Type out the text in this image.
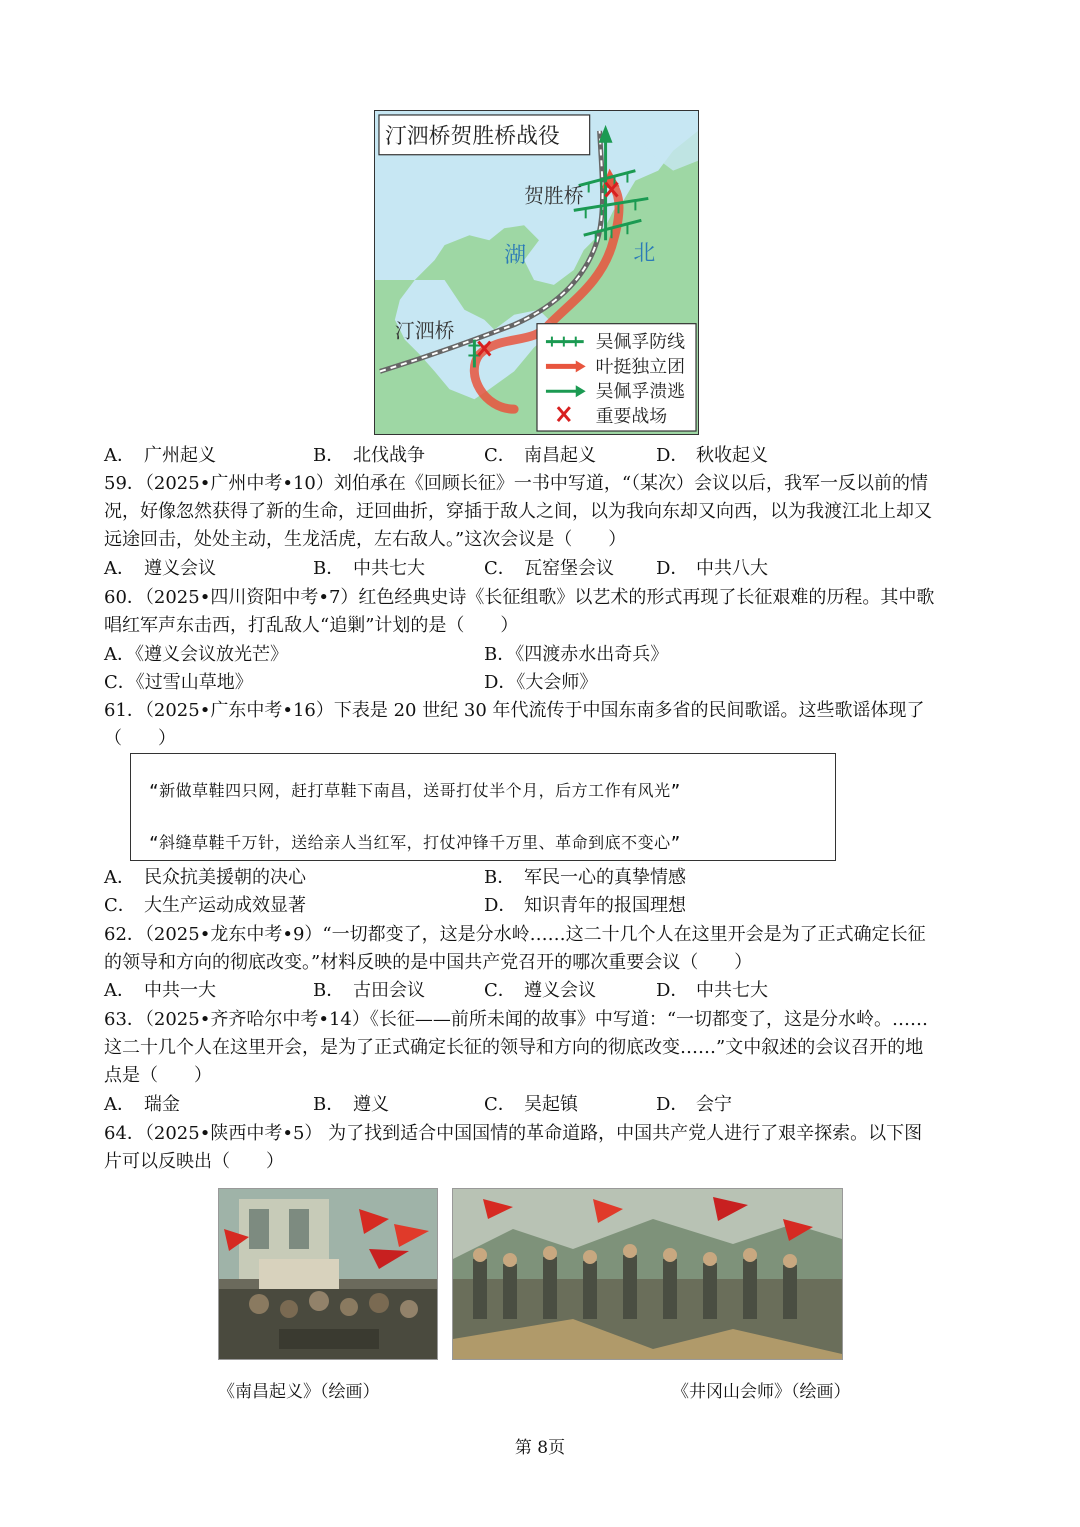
汀泗桥贺胜桥战役
贺胜桥
汀泗桥
湖	北
吴佩孚防线
叶挺独立团
吴佩孚溃逃
重要战场
A． 广州起义	B． 北伐战争	C． 南昌起义	D． 秋收起义
59．（2025•广州中考•10）刘伯承在《回顾长征》一书中写道，“（某次）会议以后，我军一反以前的情
况，好像忽然获得了新的生命，迂回曲折，穿插于敌人之间，以为我向东却又向西，以为我渡江北上却又
远途回击，处处主动，生龙活虎，左右敌人。”这次会议是（　　）
A． 遵义会议	B． 中共七大	C． 瓦窑堡会议 D． 中共八大
60．（2025•四川资阳中考•7）红色经典史诗《长征组歌》以艺术的形式再现了长征艰难的历程。其中歌
唱红军声东击西，打乱敌人“追剿”计划的是（　　）
A．《遵义会议放光芒》	B．《四渡赤水出奇兵》
C．《过雪山草地》	D．《大会师》
61．（2025•广东中考•16）下表是 20 世纪 30 年代流传于中国东南多省的民间歌谣。这些歌谣体现了
（　　）
“新做草鞋四只网，赶打草鞋下南昌，送哥打仗半个月，后方工作有风光”
“斜缝草鞋千万针，送给亲人当红军，打仗冲锋千万里、革命到底不变心”
A． 民众抗美援朝的决心	B． 军民一心的真挚情感
C． 大生产运动成效显著	D． 知识青年的报国理想
62．（2025•龙东中考•9）“一切都变了，这是分水岭……这二十几个人在这里开会是为了正式确定长征
的领导和方向的彻底改变。”材料反映的是中国共产党召开的哪次重要会议（　　）
A． 中共一大	B． 古田会议	C． 遵义会议	D． 中共七大
63．（2025•齐齐哈尔中考•14）《长征——前所未闻的故事》中写道：“一切都变了，这是分水岭。……
这二十几个人在这里开会，是为了正式确定长征的领导和方向的彻底改变……”文中叙述的会议召开的地
点是（　　）
A． 瑞金	B． 遵义	C． 吴起镇	D． 会宁
64．（2025•陕西中考•5） 为了找到适合中国国情的革命道路，中国共产党人进行了艰辛探索。以下图
片可以反映出（　　）
《南昌起义》（绘画）	《井冈山会师》（绘画）
第 8页
